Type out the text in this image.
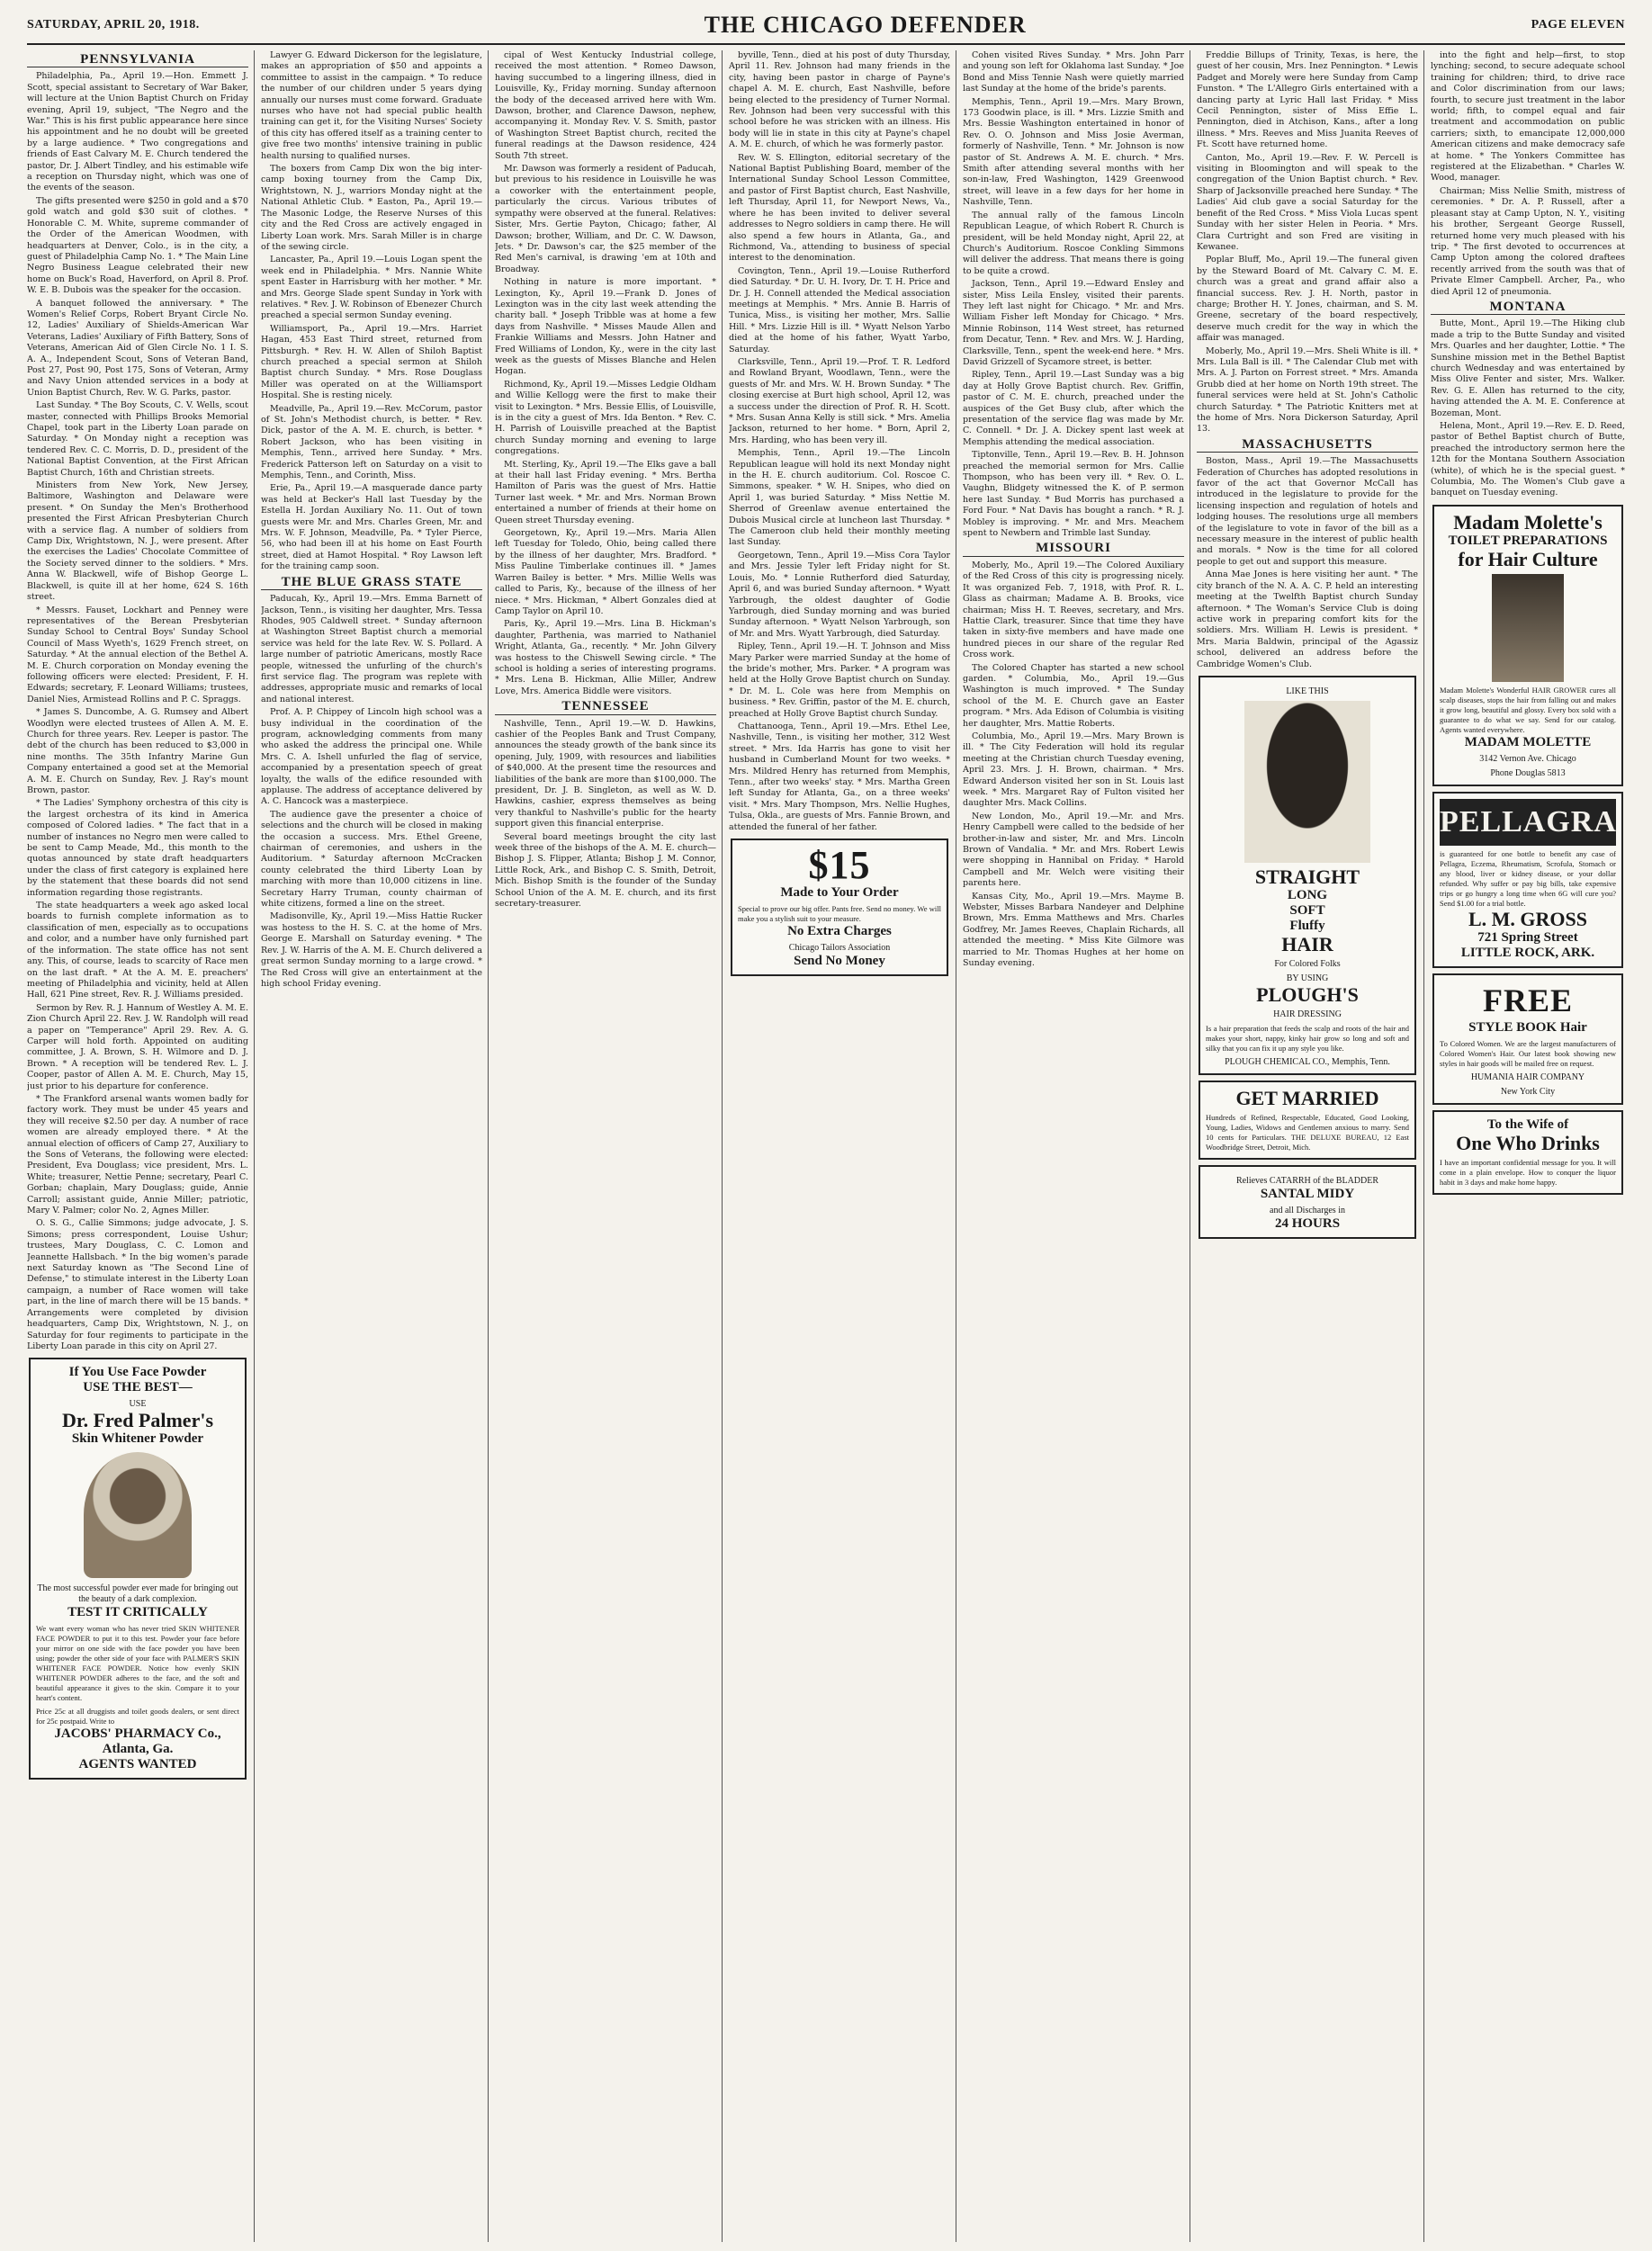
SATURDAY, APRIL 20, 1918.	THE CHICAGO DEFENDER	PAGE ELEVEN
PENNSYLVANIA

Philadelphia, Pa., April 19.—Hon. Emmett J. Scott, special assistant to Secretary of War Baker, will lecture at the Union Baptist Church on Friday evening, April 19, subject, "The Negro and the War." This is his first public appearance here since his appointment and he no doubt will be greeted by a large audience. * Two congregations and friends of East Calvary M. E. Church tendered the pastor, Dr. J. Albert Tindley, and his estimable wife a reception on Thursday night, which was one of the events of the season.

The gifts presented were $250 in gold and a $70 gold watch and gold $30 suit of clothes. * Honorable C. M. White, supreme commander of the Order of the American Woodmen, with headquarters at Denver, Colo., is in the city, a guest of Philadelphia Camp No. 1. * The Main Line Negro Business League celebrated their new home on Buck's Road, Haverford, on April 8. Prof. W. E. B. Dubois was the speaker for the occasion.

A banquet followed the anniversary. * The Women's Relief Corps, Robert Bryant Circle No. 12, Ladies' Auxiliary of Shields-American War Veterans, Ladies' Auxiliary of Fifth Battery, Sons of Veterans, American Aid of Glen Circle No. 1 I. S. A. A., Independent Scout, Sons of Veteran Band, Post 27, Post 90, Post 175, Sons of Veteran, Army and Navy Union attended services in a body at Union Baptist Church, Rev. W. G. Parks, pastor.

Last Sunday. * The Boy Scouts, C. V. Wells, scout master, connected with Phillips Brooks Memorial Chapel, took part in the Liberty Loan parade on Saturday. * On Monday night a reception was tendered Rev. C. C. Morris, D. D., president of the National Baptist Convention, at the First African Baptist Church, 16th and Christian streets.

Ministers from New York, New Jersey, Baltimore, Washington and Delaware were present. * On Sunday the Men's Brotherhood presented the First African Presbyterian Church with a service flag. A number of soldiers from Camp Dix, Wrightstown, N. J., were present. After the exercises the Ladies' Chocolate Committee of the Society served dinner to the soldiers. * Mrs. Anna W. Blackwell, wife of Bishop George L. Blackwell, is quite ill at her home, 624 S. 16th street.

* Messrs. Fauset, Lockhart and Penney were representatives of the Berean Presbyterian Sunday School to Central Boys' Sunday School Council of Mass Wyeth's, 1629 French street, on Saturday. * At the annual election of the Bethel A. M. E. Church corporation on Monday evening the following officers were elected: President, F. H. Edwards; secretary, F. Leonard Williams; trustees, Daniel Nies, Armistead Rollins and P. C. Spraggs.

* James S. Duncombe, A. G. Rumsey and Albert Woodlyn were elected trustees of Allen A. M. E. Church for three years. Rev. Leeper is pastor. The debt of the church has been reduced to $3,000 in nine months. The 35th Infantry Marine Gun Company entertained a good set at the Memorial A. M. E. Church on Sunday, Rev. J. Ray's mount Brown, pastor.

* The Ladies' Symphony orchestra of this city is the largest orchestra of its kind in America composed of Colored ladies. * The fact that in a number of instances no Negro men were called to be sent to Camp Meade, Md., this month to the quotas announced by state draft headquarters under the class of first category is explained here by the statement that these boards did not send information regarding those registrants.

The state headquarters a week ago asked local boards to furnish complete information as to classification of men, especially as to occupations and color, and a number have only furnished part of the information. The state office has not sent any. This, of course, leads to scarcity of Race men on the last draft. * At the A. M. E. preachers' meeting of Philadelphia and vicinity, held at Allen Hall, 621 Pine street, Rev. R. J. Williams presided.

Sermon by Rev. R. J. Hannum of Westley A. M. E. Zion Church April 22. Rev. J. W. Randolph will read a paper on "Temperance" April 29. Rev. A. G. Carper will hold forth. Appointed on auditing committee, J. A. Brown, S. H. Wilmore and D. J. Brown. * A reception will be tendered Rev. L. J. Cooper, pastor of Allen A. M. E. Church, May 15, just prior to his departure for conference.

* The Frankford arsenal wants women badly for factory work. They must be under 45 years and they will receive $2.50 per day. A number of race women are already employed there. * At the annual election of officers of Camp 27, Auxiliary to the Sons of Veterans, the following were elected: President, Eva Douglass; vice president, Mrs. L. White; treasurer, Nettie Penne; secretary, Pearl C. Gorban; chaplain, Mary Douglass; guide, Annie Carroll; assistant guide, Annie Miller; patriotic, Mary V. Palmer; color No. 2, Agnes Miller.

O. S. G., Callie Simmons; judge advocate, J. S. Simons; press correspondent, Louise Ushur; trustees, Mary Douglass, C. C. Lomon and Jeannette Hallsbach. * In the big women's parade next Saturday known as "The Second Line of Defense," to stimulate interest in the Liberty Loan campaign, a number of Race women will take part, in the line of march there will be 15 bands. * Arrangements were completed by division headquarters, Camp Dix, Wrightstown, N. J., on Saturday for four regiments to participate in the Liberty Loan parade in this city on April 27.

If You Use Face Powder
USE THE BEST—
USE
Dr. Fred Palmer's
Skin Whitener Powder
The most successful powder ever made for bringing out the beauty of a dark complexion.
TEST IT CRITICALLY
We want every woman who has never tried SKIN WHITENER FACE POWDER to put it to this test. Powder your face before your mirror on one side with the face powder you have been using; powder the other side of your face with PALMER'S SKIN WHITENER FACE POWDER. Notice how evenly SKIN WHITENER POWDER adheres to the face, and the soft and beautiful appearance it gives to the skin. Compare it to your heart's content.
Price 25c at all druggists and toilet goods dealers, or sent direct for 25c postpaid. Write to
JACOBS' PHARMACY Co., Atlanta, Ga.
AGENTS WANTED

Lawyer G. Edward Dickerson for the legislature, makes an appropriation of $50 and appoints a committee to assist in the campaign. * To reduce the number of our children under 5 years dying annually our nurses must come forward. Graduate nurses who have not had special public health training can get it, for the Visiting Nurses' Society of this city has offered itself as a training center to give free two months' intensive training in public health nursing to qualified nurses.

The boxers from Camp Dix won the big inter-camp boxing tourney from the Camp Dix, Wrightstown, N. J., warriors Monday night at the National Athletic Club. * Easton, Pa., April 19.—The Masonic Lodge, the Reserve Nurses of this city and the Red Cross are actively engaged in Liberty Loan work. Mrs. Sarah Miller is in charge of the sewing circle.

Lancaster, Pa., April 19.—Louis Logan spent the week end in Philadelphia. * Mrs. Nannie White spent Easter in Harrisburg with her mother. * Mr. and Mrs. George Slade spent Sunday in York with relatives. * Rev. J. W. Robinson of Ebenezer Church preached a special sermon Sunday evening.

Williamsport, Pa., April 19.—Mrs. Harriet Hagan, 453 East Third street, returned from Pittsburgh. * Rev. H. W. Allen of Shiloh Baptist church preached a special sermon at Shiloh Baptist church Sunday. * Mrs. Rose Douglass Miller was operated on at the Williamsport Hospital. She is resting nicely.

Meadville, Pa., April 19.—Rev. McCorum, pastor of St. John's Methodist church, is better. * Rev. Dick, pastor of the A. M. E. church, is better. * Robert Jackson, who has been visiting in Memphis, Tenn., arrived here Sunday. * Mrs. Frederick Patterson left on Saturday on a visit to Memphis, Tenn., and Corinth, Miss.

Erie, Pa., April 19.—A masquerade dance party was held at Becker's Hall last Tuesday by the Estella H. Jordan Auxiliary No. 11. Out of town guests were Mr. and Mrs. Charles Green, Mr. and Mrs. W. F. Johnson, Meadville, Pa. * Tyler Pierce, 56, who had been ill at his home on East Fourth street, died at Hamot Hospital. * Roy Lawson left for the training camp soon.

THE BLUE GRASS STATE

Paducah, Ky., April 19.—Mrs. Emma Barnett of Jackson, Tenn., is visiting her daughter, Mrs. Tessa Rhodes, 905 Caldwell street. * Sunday afternoon at Washington Street Baptist church a memorial service was held for the late Rev. W. S. Pollard. A large number of patriotic Americans, mostly Race people, witnessed the unfurling of the church's first service flag. The program was replete with addresses, appropriate music and remarks of local and national interest.

Prof. A. P. Chippey of Lincoln high school was a busy individual in the coordination of the program, acknowledging comments from many who asked the address the principal one. While Mrs. C. A. Ishell unfurled the flag of service, accompanied by a presentation speech of great loyalty, the walls of the edifice resounded with applause. The address of acceptance delivered by A. C. Hancock was a masterpiece.

The audience gave the presenter a choice of selections and the church will be closed in making the occasion a success. Mrs. Ethel Greene, chairman of ceremonies, and ushers in the Auditorium. * Saturday afternoon McCracken county celebrated the third Liberty Loan by marching with more than 10,000 citizens in line. Secretary Harry Truman, county chairman of white citizens, formed a line on the street.

Madisonville, Ky., April 19.—Miss Hattie Rucker was hostess to the H. S. C. at the home of Mrs. George E. Marshall on Saturday evening. * The Rev. J. W. Harris of the A. M. E. Church delivered a great sermon Sunday morning to a large crowd. * The Red Cross will give an entertainment at the high school Friday evening.

cipal of West Kentucky Industrial college, received the most attention. * Romeo Dawson, having succumbed to a lingering illness, died in Louisville, Ky., Friday morning. Sunday afternoon the body of the deceased arrived here with Wm. Dawson, brother, and Clarence Dawson, nephew, accompanying it. Monday Rev. V. S. Smith, pastor of Washington Street Baptist church, recited the funeral readings at the Dawson residence, 424 South 7th street.

Mr. Dawson was formerly a resident of Paducah, but previous to his residence in Louisville he was a coworker with the entertainment people, particularly the circus. Various tributes of sympathy were observed at the funeral. Relatives: Sister, Mrs. Gertie Payton, Chicago; father, Al Dawson; brother, William, and Dr. C. W. Dawson, Jets. * Dr. Dawson's car, the $25 member of the Red Men's carnival, is drawing 'em at 10th and Broadway.

Nothing in nature is more important. * Lexington, Ky., April 19.—Frank D. Jones of Lexington was in the city last week attending the charity ball. * Joseph Tribble was at home a few days from Nashville. * Misses Maude Allen and Frankie Williams and Messrs. John Hatner and Fred Williams of London, Ky., were in the city last week as the guests of Misses Blanche and Helen Hogan.

Richmond, Ky., April 19.—Misses Ledgie Oldham and Willie Kellogg were the first to make their visit to Lexington. * Mrs. Bessie Ellis, of Louisville, is in the city a guest of Mrs. Ida Benton. * Rev. C. H. Parrish of Louisville preached at the Baptist church Sunday morning and evening to large congregations.

Mt. Sterling, Ky., April 19.—The Elks gave a ball at their hall last Friday evening. * Mrs. Bertha Hamilton of Paris was the guest of Mrs. Hattie Turner last week. * Mr. and Mrs. Norman Brown entertained a number of friends at their home on Queen street Thursday evening.

Georgetown, Ky., April 19.—Mrs. Maria Allen left Tuesday for Toledo, Ohio, being called there by the illness of her daughter, Mrs. Bradford. * Miss Pauline Timberlake continues ill. * James Warren Bailey is better. * Mrs. Millie Wells was called to Paris, Ky., because of the illness of her niece. * Mrs. Hickman, * Albert Gonzales died at Camp Taylor on April 10.

Paris, Ky., April 19.—Mrs. Lina B. Hickman's daughter, Parthenia, was married to Nathaniel Wright, Atlanta, Ga., recently. * Mr. John Gilvery was hostess to the Chiswell Sewing circle. * The school is holding a series of interesting programs. * Mrs. Lena B. Hickman, Allie Miller, Andrew Love, Mrs. America Biddle were visitors.

TENNESSEE

Nashville, Tenn., April 19.—W. D. Hawkins, cashier of the Peoples Bank and Trust Company, announces the steady growth of the bank since its opening, July, 1909, with resources and liabilities of $40,000. At the present time the resources and liabilities of the bank are more than $100,000. The president, Dr. J. B. Singleton, as well as W. D. Hawkins, cashier, express themselves as being very thankful to Nashville's public for the hearty support given this financial enterprise.

Several board meetings brought the city last week three of the bishops of the A. M. E. church—Bishop J. S. Flipper, Atlanta; Bishop J. M. Connor, Little Rock, Ark., and Bishop C. S. Smith, Detroit, Mich. Bishop Smith is the founder of the Sunday School Union of the A. M. E. church, and its first secretary-treasurer.

byville, Tenn., died at his post of duty Thursday, April 11. Rev. Johnson had many friends in the city, having been pastor in charge of Payne's chapel A. M. E. church, East Nashville, before being elected to the presidency of Turner Normal. Rev. Johnson had been very successful with this school before he was stricken with an illness. His body will lie in state in this city at Payne's chapel A. M. E. church, of which he was formerly pastor.

Rev. W. S. Ellington, editorial secretary of the National Baptist Publishing Board, member of the International Sunday School Lesson Committee, and pastor of First Baptist church, East Nashville, left Thursday, April 11, for Newport News, Va., where he has been invited to deliver several addresses to Negro soldiers in camp there. He will also spend a few hours in Atlanta, Ga., and Richmond, Va., attending to business of special interest to the denomination.

Covington, Tenn., April 19.—Louise Rutherford died Saturday. * Dr. U. H. Ivory, Dr. T. H. Price and Dr. J. H. Connell attended the Medical association meetings at Memphis. * Mrs. Annie B. Harris of Tunica, Miss., is visiting her mother, Mrs. Sallie Hill. * Mrs. Lizzie Hill is ill. * Wyatt Nelson Yarbo died at the home of his father, Wyatt Yarbo, Saturday.

Clarksville, Tenn., April 19.—Prof. T. R. Ledford and Rowland Bryant, Woodlawn, Tenn., were the guests of Mr. and Mrs. W. H. Brown Sunday. * The closing exercise at Burt high school, April 12, was a success under the direction of Prof. R. H. Scott. * Mrs. Susan Anna Kelly is still sick. * Mrs. Amelia Jackson, returned to her home. * Born, April 2, Mrs. Harding, who has been very ill.

Memphis, Tenn., April 19.—The Lincoln Republican league will hold its next Monday night in the H. E. church auditorium. Col. Roscoe C. Simmons, speaker. * W. H. Snipes, who died on April 1, was buried Saturday. * Miss Nettie M. Sherrod of Greenlaw avenue entertained the Dubois Musical circle at luncheon last Thursday. * The Cameroon club held their monthly meeting last Sunday.

Georgetown, Tenn., April 19.—Miss Cora Taylor and Mrs. Jessie Tyler left Friday night for St. Louis, Mo. * Lonnie Rutherford died Saturday, April 6, and was buried Sunday afternoon. * Wyatt Yarbrough, the oldest daughter of Godie Yarbrough, died Sunday morning and was buried Sunday afternoon. * Wyatt Nelson Yarbrough, son of Mr. and Mrs. Wyatt Yarbrough, died Saturday.

Ripley, Tenn., April 19.—H. T. Johnson and Miss Mary Parker were married Sunday at the home of the bride's mother, Mrs. Parker. * A program was held at the Holly Grove Baptist church on Sunday. * Dr. M. L. Cole was here from Memphis on business. * Rev. Griffin, pastor of the M. E. church, preached at Holly Grove Baptist church Sunday.

Chattanooga, Tenn., April 19.—Mrs. Ethel Lee, Nashville, Tenn., is visiting her mother, 312 West street. * Mrs. Ida Harris has gone to visit her husband in Cumberland Mount for two weeks. * Mrs. Mildred Henry has returned from Memphis, Tenn., after two weeks' stay. * Mrs. Martha Green left Sunday for Atlanta, Ga., on a three weeks' visit. * Mrs. Mary Thompson, Mrs. Nellie Hughes, Tulsa, Okla., are guests of Mrs. Fannie Brown, and attended the funeral of her father.

$15
Made to Your Order
Special to prove our big offer. Pants free. Send no money. We will make you a stylish suit to your measure.
No Extra Charges
Chicago Tailors Association
Send No Money

Cohen visited Rives Sunday. * Mrs. John Parr and young son left for Oklahoma last Sunday. * Joe Bond and Miss Tennie Nash were quietly married last Sunday at the home of the bride's parents.

Memphis, Tenn., April 19.—Mrs. Mary Brown, 173 Goodwin place, is ill. * Mrs. Lizzie Smith and Mrs. Bessie Washington entertained in honor of Rev. O. O. Johnson and Miss Josie Averman, formerly of Nashville, Tenn. * Mr. Johnson is now pastor of St. Andrews A. M. E. church. * Mrs. Smith after attending several months with her son-in-law, Fred Washington, 1429 Greenwood street, will leave in a few days for her home in Nashville, Tenn.

The annual rally of the famous Lincoln Republican League, of which Robert R. Church is president, will be held Monday night, April 22, at Church's Auditorium. Roscoe Conkling Simmons will deliver the address. That means there is going to be quite a crowd.

Jackson, Tenn., April 19.—Edward Ensley and sister, Miss Leila Ensley, visited their parents. They left last night for Chicago. * Mr. and Mrs. William Fisher left Monday for Chicago. * Mrs. Minnie Robinson, 114 West street, has returned from Decatur, Tenn. * Rev. and Mrs. W. J. Harding, Clarksville, Tenn., spent the week-end here. * Mrs. David Grizzell of Sycamore street, is better.

Ripley, Tenn., April 19.—Last Sunday was a big day at Holly Grove Baptist church. Rev. Griffin, pastor of C. M. E. church, preached under the auspices of the Get Busy club, after which the presentation of the service flag was made by Mr. C. Connell. * Dr. J. A. Dickey spent last week at Memphis attending the medical association.

Tiptonville, Tenn., April 19.—Rev. B. H. Johnson preached the memorial sermon for Mrs. Callie Thompson, who has been very ill. * Rev. O. L. Vaughn, Blidgety witnessed the K. of P. sermon here last Sunday. * Bud Morris has purchased a Ford Four. * Nat Davis has bought a ranch. * R. J. Mobley is improving. * Mr. and Mrs. Meachem spent to Newbern and Trimble last Sunday.

MISSOURI

Moberly, Mo., April 19.—The Colored Auxiliary of the Red Cross of this city is progressing nicely. It was organized Feb. 7, 1918, with Prof. R. L. Glass as chairman; Madame A. B. Brooks, vice chairman; Miss H. T. Reeves, secretary, and Mrs. Hattie Clark, treasurer. Since that time they have taken in sixty-five members and have made one hundred pieces in our share of the regular Red Cross work.

The Colored Chapter has started a new school garden. * Columbia, Mo., April 19.—Gus Washington is much improved. * The Sunday school of the M. E. Church gave an Easter program. * Mrs. Ada Edison of Columbia is visiting her daughter, Mrs. Mattie Roberts.

Columbia, Mo., April 19.—Mrs. Mary Brown is ill. * The City Federation will hold its regular meeting at the Christian church Tuesday evening, April 23. Mrs. J. H. Brown, chairman. * Mrs. Edward Anderson visited her son in St. Louis last week. * Mrs. Margaret Ray of Fulton visited her daughter Mrs. Mack Collins.

New London, Mo., April 19.—Mr. and Mrs. Henry Campbell were called to the bedside of her brother-in-law and sister, Mr. and Mrs. Lincoln Brown of Vandalia. * Mr. and Mrs. Robert Lewis were shopping in Hannibal on Friday. * Harold Campbell and Mr. Welch were visiting their parents here.

Kansas City, Mo., April 19.—Mrs. Mayme B. Webster, Misses Barbara Nandeyer and Delphine Brown, Mrs. Emma Matthews and Mrs. Charles Godfrey, Mr. James Reeves, Chaplain Richards, all attended the meeting. * Miss Kite Gilmore was married to Mr. Thomas Hughes at her home on Sunday evening.

Freddie Billups of Trinity, Texas, is here, the guest of her cousin, Mrs. Inez Pennington. * Lewis Padget and Morely were here Sunday from Camp Funston. * The L'Allegro Girls entertained with a dancing party at Lyric Hall last Friday. * Miss Cecil Pennington, sister of Miss Effie L. Pennington, died in Atchison, Kans., after a long illness. * Mrs. Reeves and Miss Juanita Reeves of Ft. Scott have returned home.

Canton, Mo., April 19.—Rev. F. W. Percell is visiting in Bloomington and will speak to the congregation of the Union Baptist church. * Rev. Sharp of Jacksonville preached here Sunday. * The Ladies' Aid club gave a social Saturday for the benefit of the Red Cross. * Miss Viola Lucas spent Sunday with her sister Helen in Peoria. * Mrs. Clara Curtright and son Fred are visiting in Kewanee.

Poplar Bluff, Mo., April 19.—The funeral given by the Steward Board of Mt. Calvary C. M. E. church was a great and grand affair also a financial success. Rev. J. H. North, pastor in charge; Brother H. Y. Jones, chairman, and S. M. Greene, secretary of the board respectively, deserve much credit for the way in which the affair was managed.

Moberly, Mo., April 19.—Mrs. Sheli White is ill. * Mrs. Lula Ball is ill. * The Calendar Club met with Mrs. A. J. Parton on Forrest street. * Mrs. Amanda Grubb died at her home on North 19th street. The funeral services were held at St. John's Catholic church Saturday. * The Patriotic Knitters met at the home of Mrs. Nora Dickerson Saturday, April 13.

MASSACHUSETTS

Boston, Mass., April 19.—The Massachusetts Federation of Churches has adopted resolutions in favor of the act that Governor McCall has introduced in the legislature to provide for the licensing inspection and regulation of hotels and lodging houses. The resolutions urge all members of the legislature to vote in favor of the bill as a necessary measure in the interest of public health and morals. * Now is the time for all colored people to get out and support this measure.

Anna Mae Jones is here visiting her aunt. * The city branch of the N. A. A. C. P. held an interesting meeting at the Twelfth Baptist church Sunday afternoon. * The Woman's Service Club is doing active work in preparing comfort kits for the soldiers. Mrs. William H. Lewis is president. * Mrs. Maria Baldwin, principal of the Agassiz school, delivered an address before the Cambridge Women's Club.

LIKE THIS
STRAIGHT
LONG
SOFT
Fluffy
HAIR
For Colored Folks
BY USING
PLOUGH'S
HAIR DRESSING
Is a hair preparation that feeds the scalp and roots of the hair and makes your short, nappy, kinky hair grow so long and soft and silky that you can fix it up any style you like.
PLOUGH CHEMICAL CO., Memphis, Tenn.
GET MARRIED
Hundreds of Refined, Respectable, Educated, Good Looking, Young, Ladies, Widows and Gentlemen anxious to marry. Send 10 cents for Particulars. THE DELUXE BUREAU, 12 East Woodbridge Street, Detroit, Mich.
Relieves CATARRH of the BLADDER
SANTAL MIDY
and all Discharges in
24 HOURS

into the fight and help—first, to stop lynching; second, to secure adequate school training for children; third, to drive race and Color discrimination from our laws; fourth, to secure just treatment in the labor world; fifth, to compel equal and fair treatment and accommodation on public carriers; sixth, to emancipate 12,000,000 American citizens and make democracy safe at home. * The Yonkers Committee has registered at the Elizabethan. * Charles W. Wood, manager.

Chairman; Miss Nellie Smith, mistress of ceremonies. * Dr. A. P. Russell, after a pleasant stay at Camp Upton, N. Y., visiting his brother, Sergeant George Russell, returned home very much pleased with his trip. * The first devoted to occurrences at Camp Upton among the colored draftees recently arrived from the south was that of Private Elmer Campbell. Archer, Pa., who died April 12 of pneumonia.

MONTANA

Butte, Mont., April 19.—The Hiking club made a trip to the Butte Sunday and visited Mrs. Quarles and her daughter, Lottie. * The Sunshine mission met in the Bethel Baptist church Wednesday and was entertained by Miss Olive Fenter and sister, Mrs. Walker. Rev. G. E. Allen has returned to the city, having attended the A. M. E. Conference at Bozeman, Mont.

Helena, Mont., April 19.—Rev. E. D. Reed, pastor of Bethel Baptist church of Butte, preached the introductory sermon here the 12th for the Montana Southern Association (white), of which he is the special guest. * Columbia, Mo. The Women's Club gave a banquet on Tuesday evening.

Madam Molette's
TOILET PREPARATIONS
for Hair Culture
Madam Molette's Wonderful HAIR GROWER cures all scalp diseases, stops the hair from falling out and makes it grow long, beautiful and glossy. Every box sold with a guarantee to do what we say. Send for our catalog. Agents wanted everywhere.
MADAM MOLETTE
3142 Vernon Ave. Chicago
Phone Douglas 5813
PELLAGRA
is guaranteed for one bottle to benefit any case of Pellagra, Eczema, Rheumatism, Scrofula, Stomach or any blood, liver or kidney disease, or your dollar refunded. Why suffer or pay big bills, take expensive trips or go hungry a long time when 6G will cure you? Send $1.00 for a trial bottle.
L. M. GROSS
721 Spring Street
LITTLE ROCK, ARK.
FREE
STYLE BOOK Hair
To Colored Women. We are the largest manufacturers of Colored Women's Hair. Our latest book showing new styles in hair goods will be mailed free on request.
HUMANIA HAIR COMPANY
New York City
To the Wife of
One Who Drinks
I have an important confidential message for you. It will come in a plain envelope. How to conquer the liquor habit in 3 days and make home happy.
